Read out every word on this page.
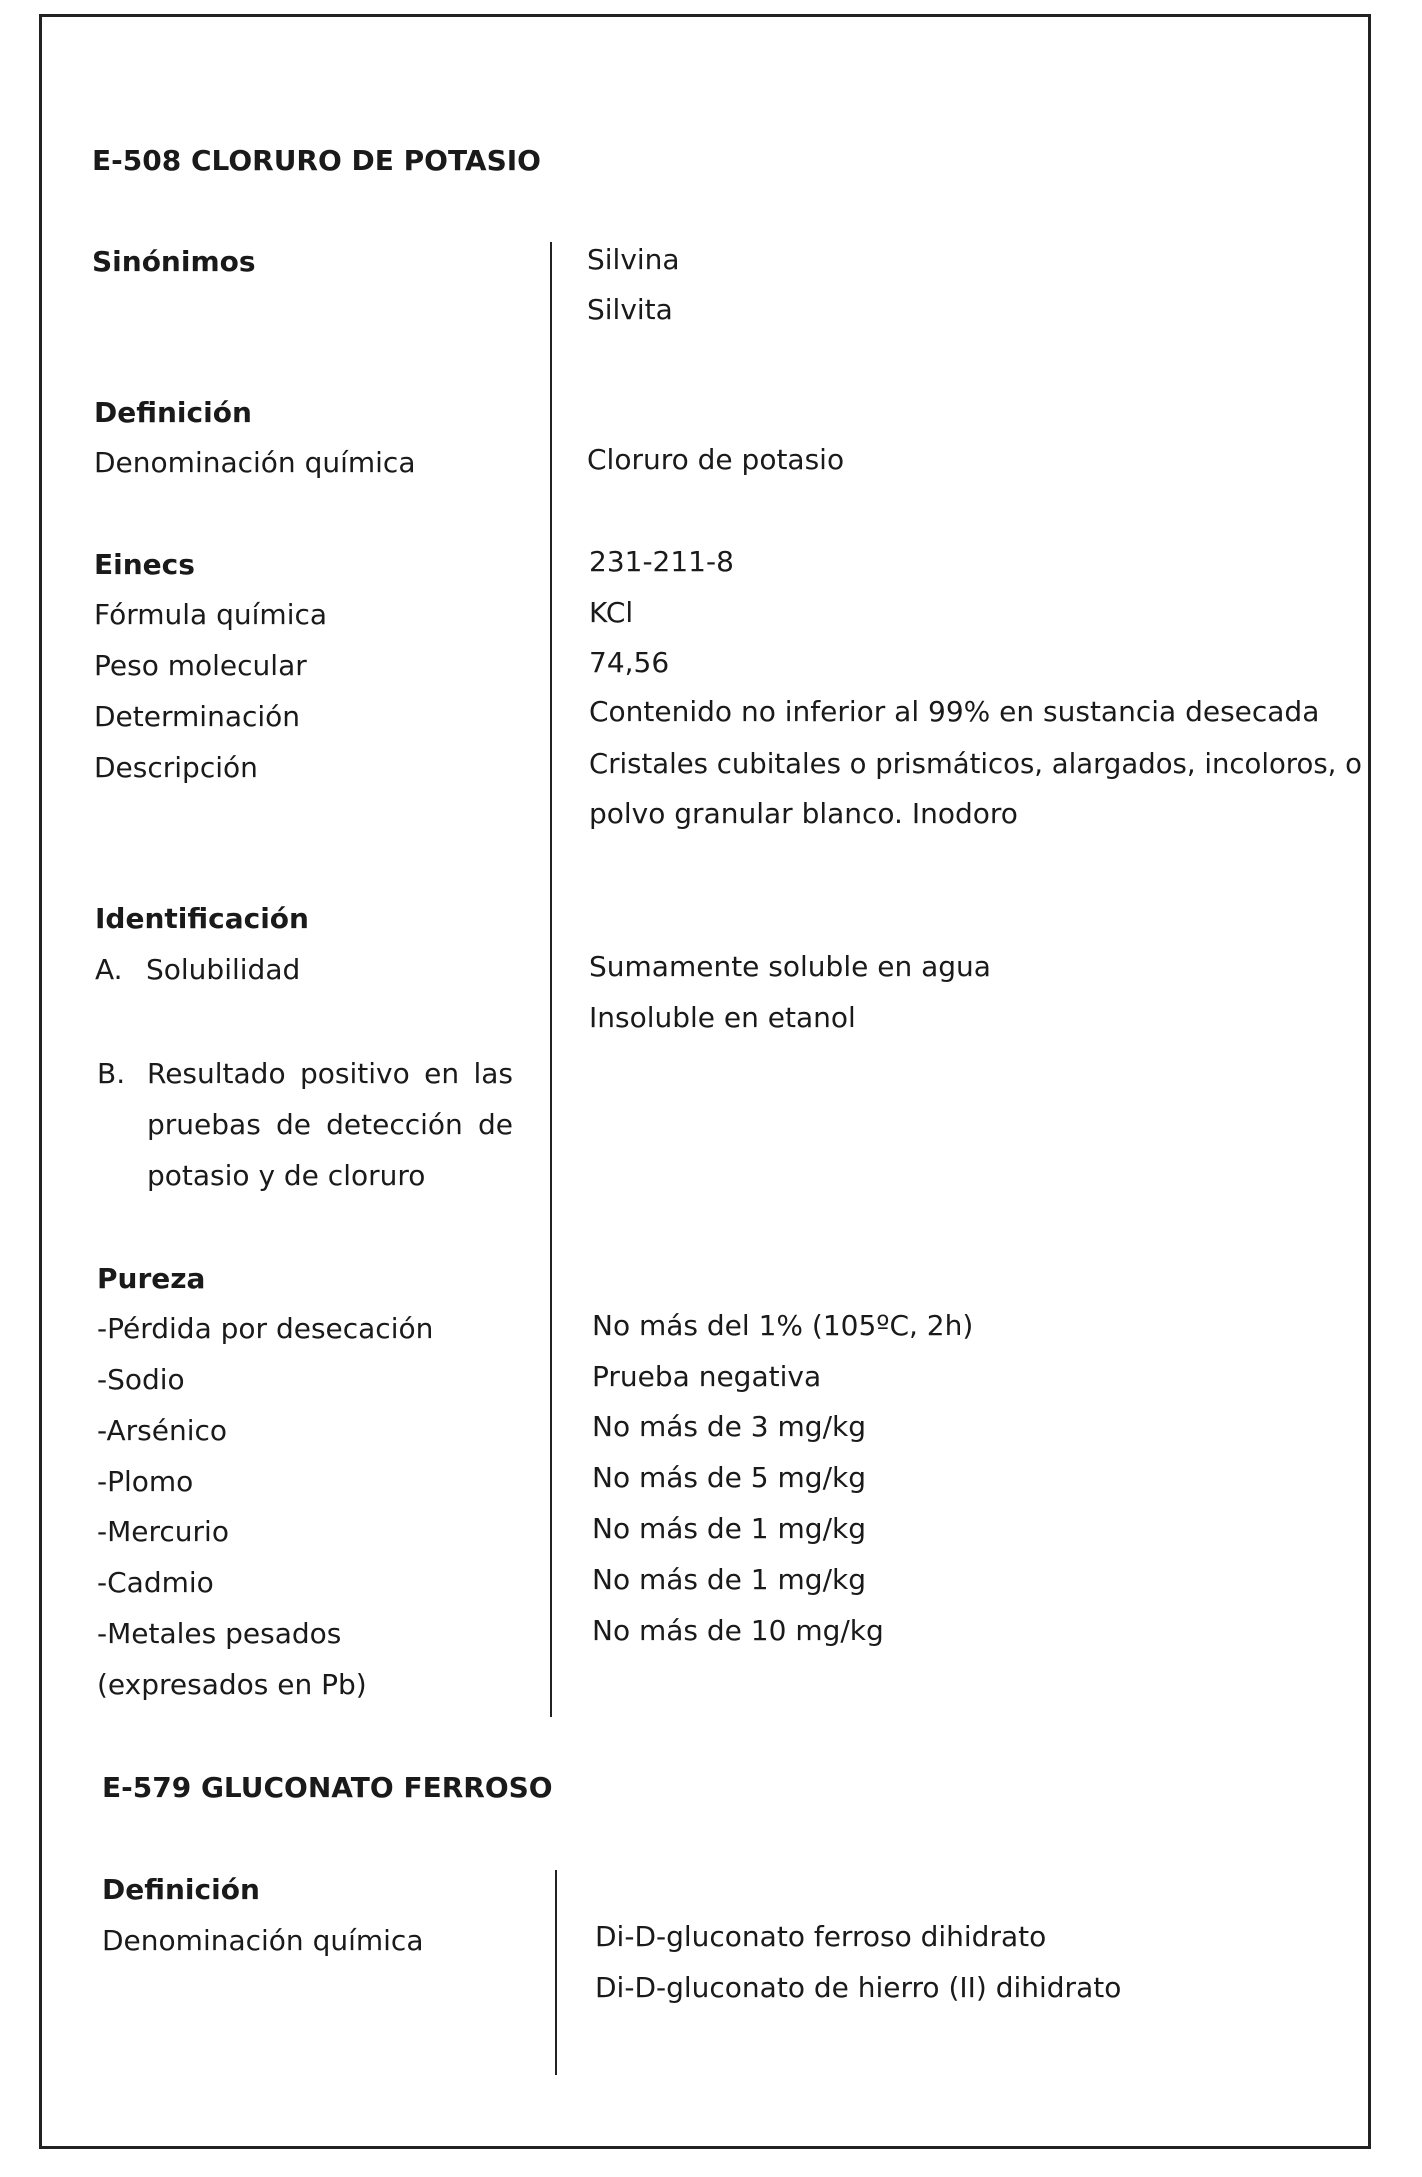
E-508 CLORURO DE POTASIO
Sinónimos	Silvina
Silvita
Definición
Denominación química	Cloruro de potasio
Einecs	231-211-8
Fórmula química	KCl
Peso molecular	74,56
Determinación	Contenido no inferior al 99% en sustancia desecada
Descripción	Cristales cubitales o prismáticos, alargados, incoloros, o
polvo granular blanco. Inodoro
Identificación
A. Solubilidad	Sumamente soluble en agua
Insoluble en etanol
B. Resultado positivo en las
pruebas de detección de
potasio y de cloruro
Pureza
-Pérdida por desecación	No más del 1% (105ºC, 2h)
-Sodio	Prueba negativa
-Arsénico	No más de 3 mg/kg
-Plomo	No más de 5 mg/kg
-Mercurio	No más de 1 mg/kg
-Cadmio	No más de 1 mg/kg
-Metales pesados	No más de 10 mg/kg
(expresados en Pb)
E-579 GLUCONATO FERROSO
Definición
Denominación química	Di-D-gluconato ferroso dihidrato
Di-D-gluconato de hierro (II) dihidrato
